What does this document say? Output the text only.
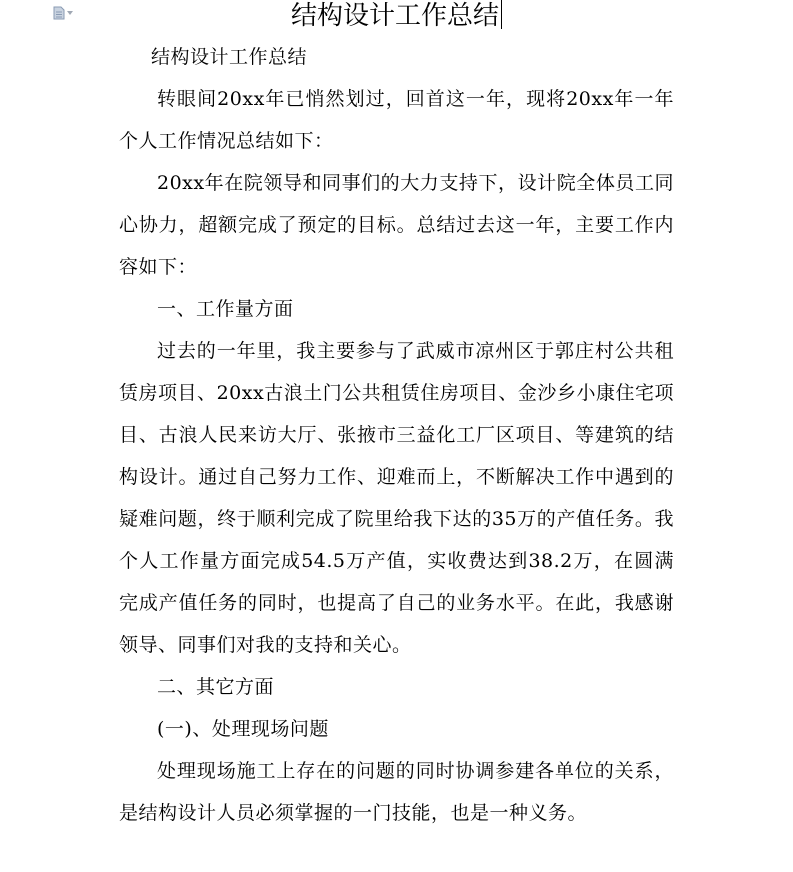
结构设计工作总结

结构设计工作总结

转眼间20xx年已悄然划过，回首这一年，现将20xx年一年个人工作情况总结如下：

20xx年在院领导和同事们的大力支持下，设计院全体员工同心协力，超额完成了预定的目标。总结过去这一年，主要工作内容如下：

一、工作量方面

过去的一年里，我主要参与了武威市凉州区于郭庄村公共租赁房项目、20xx古浪土门公共租赁住房项目、金沙乡小康住宅项目、古浪人民来访大厅、张掖市三益化工厂区项目、等建筑的结构设计。通过自己努力工作、迎难而上，不断解决工作中遇到的疑难问题，终于顺利完成了院里给我下达的35万的产值任务。我个人工作量方面完成54.5万产值，实收费达到38.2万，在圆满完成产值任务的同时，也提高了自己的业务水平。在此，我感谢领导、同事们对我的支持和关心。

二、其它方面

(一)、处理现场问题

处理现场施工上存在的问题的同时协调参建各单位的关系，是结构设计人员必须掌握的一门技能，也是一种义务。
